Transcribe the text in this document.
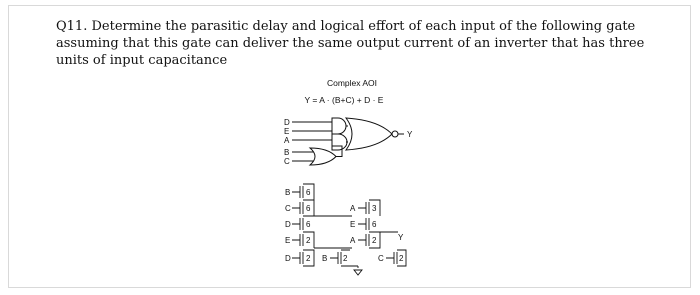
Q11. Determine the parasitic delay and logical effort of each input of the following gate assuming that this gate can deliver the same output current of an inverter that has three units of input capacitance

Complex AOI
Y = A · (B+C) + D · E
D
E
A
B
C
Y
B
C
D
E
D
6
6
6
2
2
A
E
A
3
6
2	Y
B 2	C 2
